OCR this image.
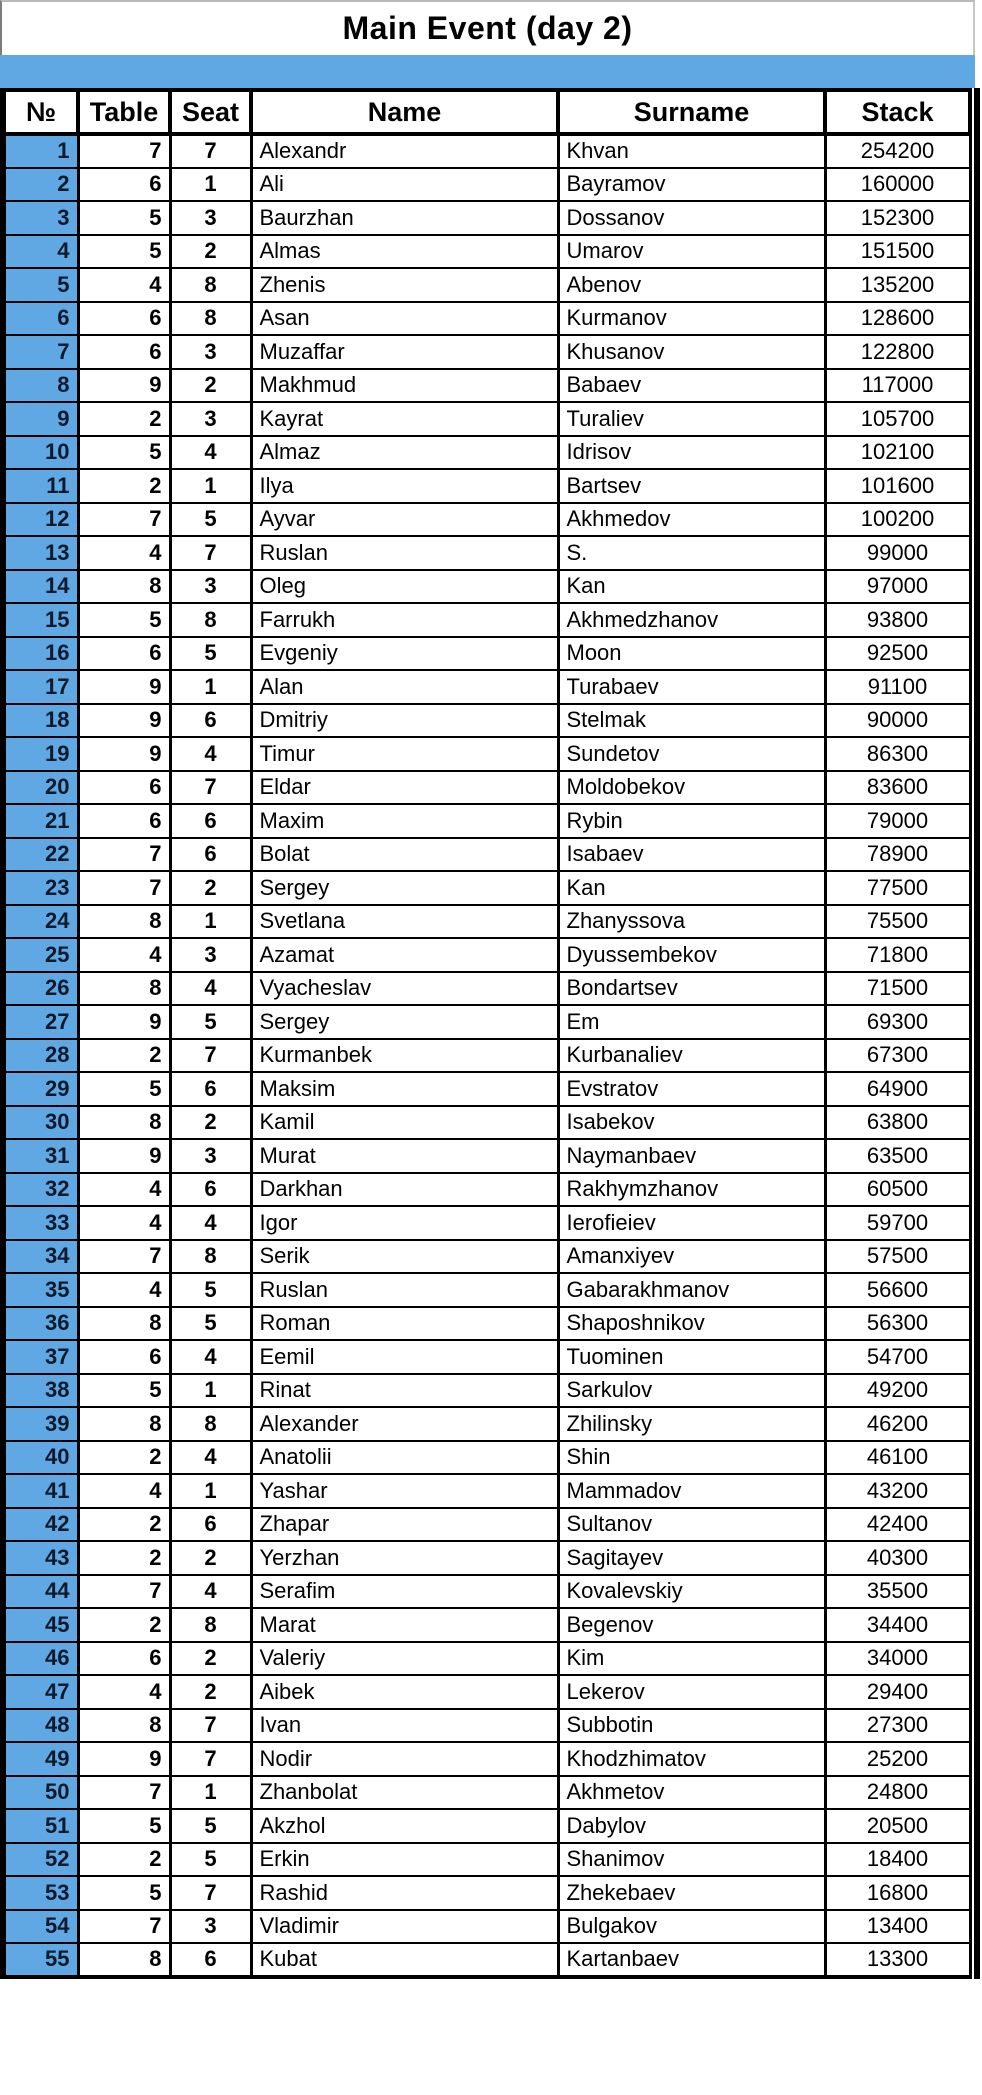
Main Event (day 2)
№	Table	Seat	Name	Surname	Stack
1	7	7	Alexandr	Khvan	254200
2	6	1	Ali	Bayramov	160000
3	5	3	Baurzhan	Dossanov	152300
4	5	2	Almas	Umarov	151500
5	4	8	Zhenis	Abenov	135200
6	6	8	Asan	Kurmanov	128600
7	6	3	Muzaffar	Khusanov	122800
8	9	2	Makhmud	Babaev	117000
9	2	3	Kayrat	Turaliev	105700
10	5	4	Almaz	Idrisov	102100
11	2	1	Ilya	Bartsev	101600
12	7	5	Ayvar	Akhmedov	100200
13	4	7	Ruslan	S.	99000
14	8	3	Oleg	Kan	97000
15	5	8	Farrukh	Akhmedzhanov	93800
16	6	5	Evgeniy	Moon	92500
17	9	1	Alan	Turabaev	91100
18	9	6	Dmitriy	Stelmak	90000
19	9	4	Timur	Sundetov	86300
20	6	7	Eldar	Moldobekov	83600
21	6	6	Maxim	Rybin	79000
22	7	6	Bolat	Isabaev	78900
23	7	2	Sergey	Kan	77500
24	8	1	Svetlana	Zhanyssova	75500
25	4	3	Azamat	Dyussembekov	71800
26	8	4	Vyacheslav	Bondartsev	71500
27	9	5	Sergey	Em	69300
28	2	7	Kurmanbek	Kurbanaliev	67300
29	5	6	Maksim	Evstratov	64900
30	8	2	Kamil	Isabekov	63800
31	9	3	Murat	Naymanbaev	63500
32	4	6	Darkhan	Rakhymzhanov	60500
33	4	4	Igor	Ierofieiev	59700
34	7	8	Serik	Amanxiyev	57500
35	4	5	Ruslan	Gabarakhmanov	56600
36	8	5	Roman	Shaposhnikov	56300
37	6	4	Eemil	Tuominen	54700
38	5	1	Rinat	Sarkulov	49200
39	8	8	Alexander	Zhilinsky	46200
40	2	4	Anatolii	Shin	46100
41	4	1	Yashar	Mammadov	43200
42	2	6	Zhapar	Sultanov	42400
43	2	2	Yerzhan	Sagitayev	40300
44	7	4	Serafim	Kovalevskiy	35500
45	2	8	Marat	Begenov	34400
46	6	2	Valeriy	Kim	34000
47	4	2	Aibek	Lekerov	29400
48	8	7	Ivan	Subbotin	27300
49	9	7	Nodir	Khodzhimatov	25200
50	7	1	Zhanbolat	Akhmetov	24800
51	5	5	Akzhol	Dabylov	20500
52	2	5	Erkin	Shanimov	18400
53	5	7	Rashid	Zhekebaev	16800
54	7	3	Vladimir	Bulgakov	13400
55	8	6	Kubat	Kartanbaev	13300
